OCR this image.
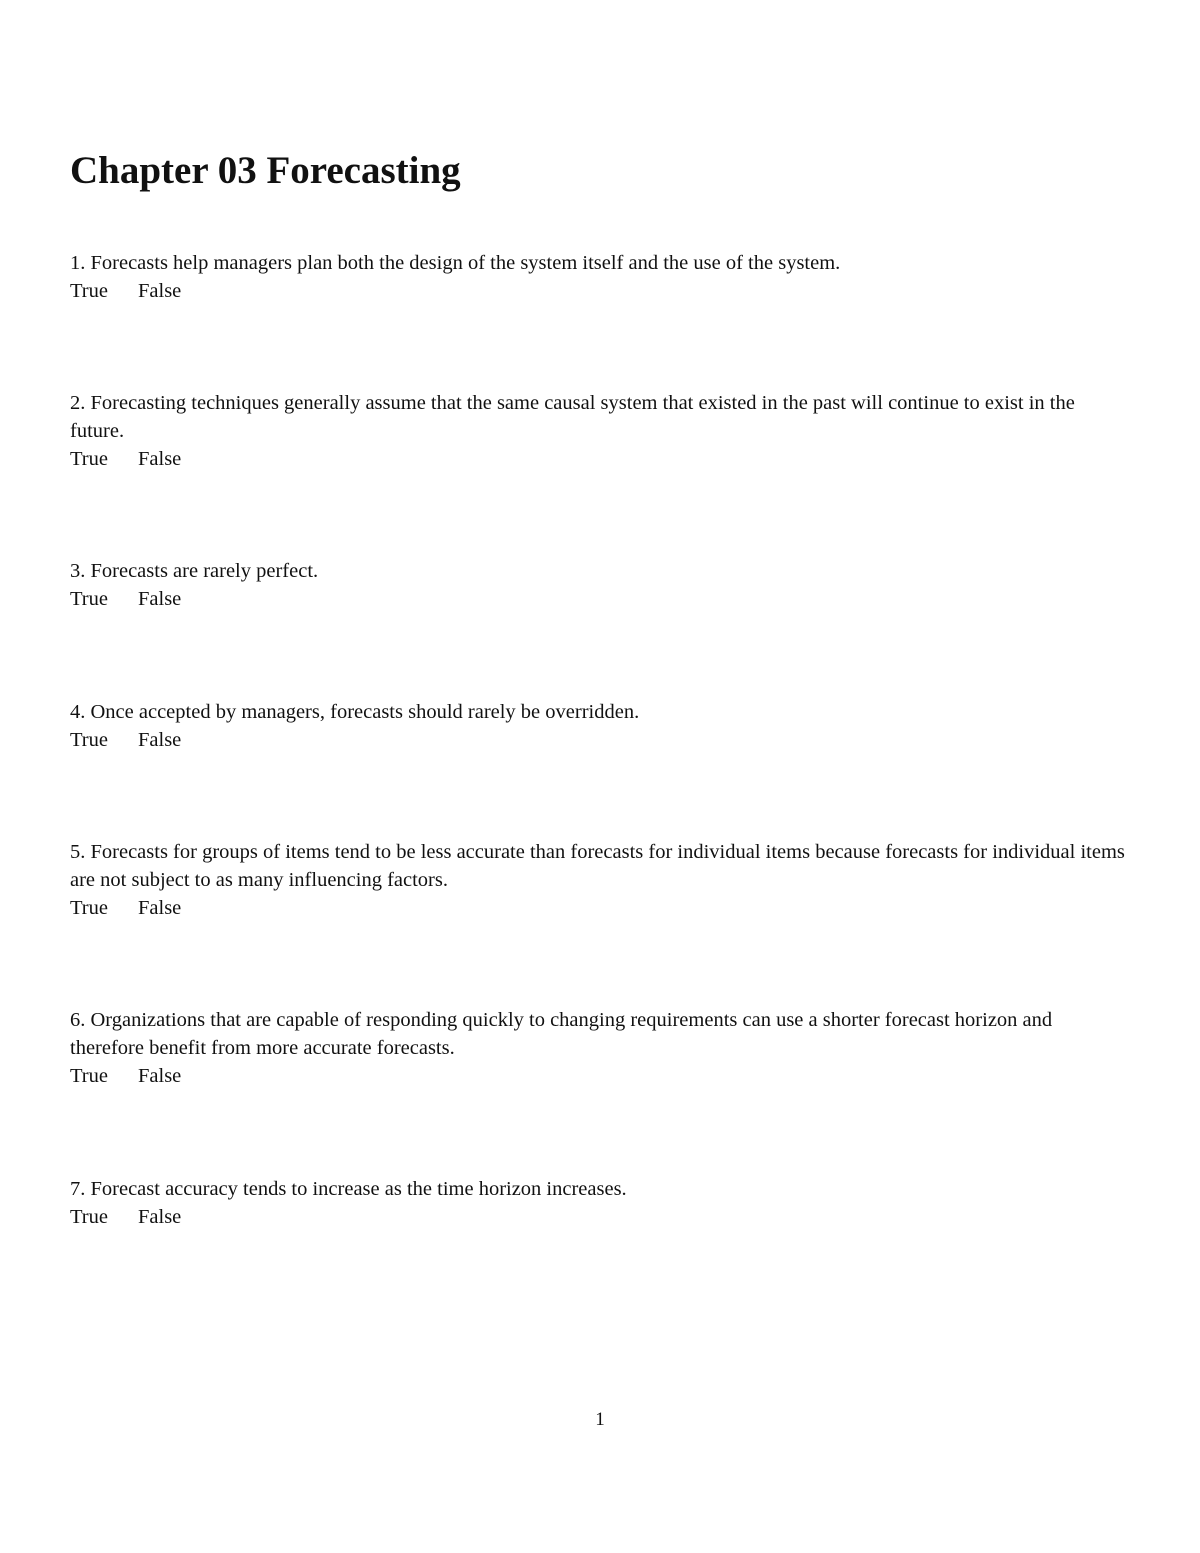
Chapter 03 Forecasting

1. Forecasts help managers plan both the design of the system itself and the use of the system.

True	False

2. Forecasting techniques generally assume that the same causal system that existed in the past will continue to exist in the future.

True	False

3. Forecasts are rarely perfect.

True	False

4. Once accepted by managers, forecasts should rarely be overridden.

True	False

5. Forecasts for groups of items tend to be less accurate than forecasts for individual items because forecasts for individual items are not subject to as many influencing factors.

True	False

6. Organizations that are capable of responding quickly to changing requirements can use a shorter forecast horizon and therefore benefit from more accurate forecasts.

True	False

7. Forecast accuracy tends to increase as the time horizon increases.

True	False
1
